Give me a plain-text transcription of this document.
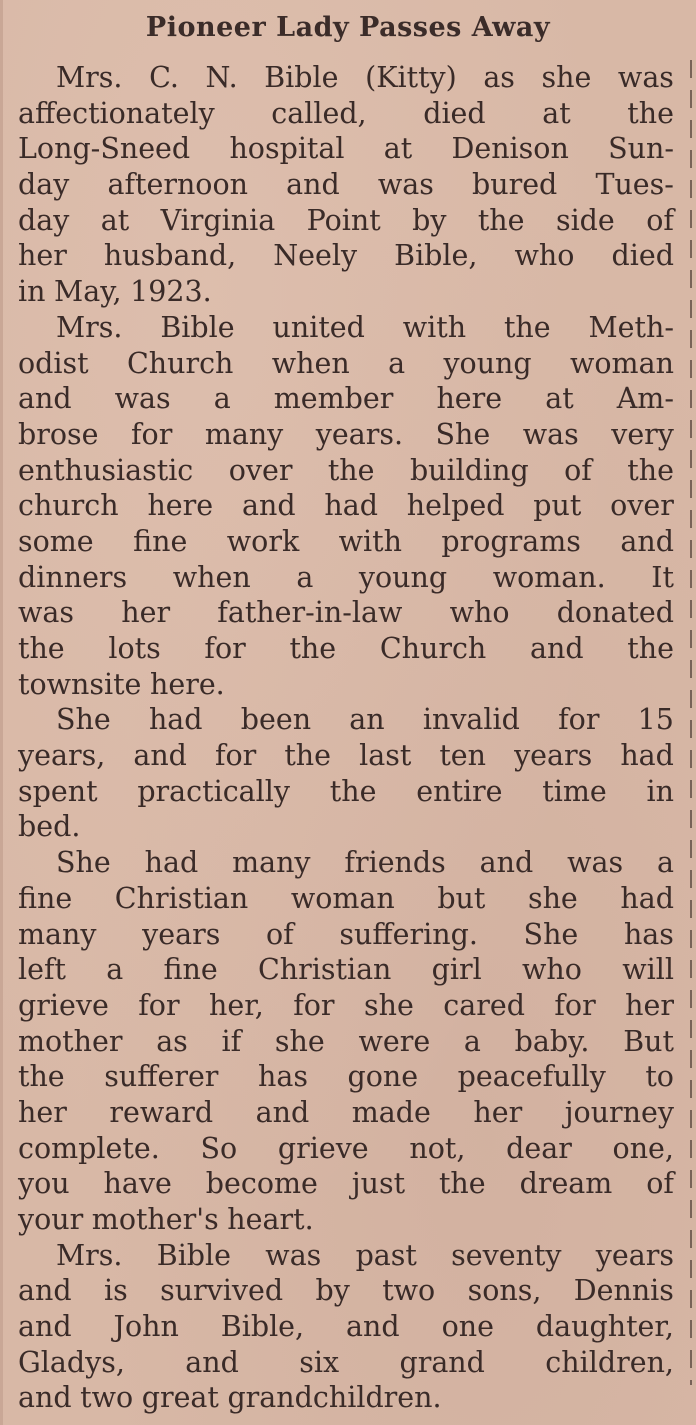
Pioneer Lady Passes Away
Mrs. C. N. Bible (Kitty) as she was
affectionately called, died at the
Long-Sneed hospital at Denison Sun-
day afternoon and was bured Tues-
day at Virginia Point by the side of
her husband, Neely Bible, who died
in May, 1923.
Mrs. Bible united with the Meth-
odist Church when a young woman
and was a member here at Am-
brose for many years. She was very
enthusiastic over the building of the
church here and had helped put over
some fine work with programs and
dinners when a young woman. It
was her father-in-law who donated
the lots for the Church and the
townsite here.
She had been an invalid for 15
years, and for the last ten years had
spent practically the entire time in
bed.
She had many friends and was a
fine Christian woman but she had
many years of suffering. She has
left a fine Christian girl who will
grieve for her, for she cared for her
mother as if she were a baby. But
the sufferer has gone peacefully to
her reward and made her journey
complete. So grieve not, dear one,
you have become just the dream of
your mother's heart.
Mrs. Bible was past seventy years
and is survived by two sons, Dennis
and John Bible, and one daughter,
Gladys, and six grand children,
and two great grandchildren.
